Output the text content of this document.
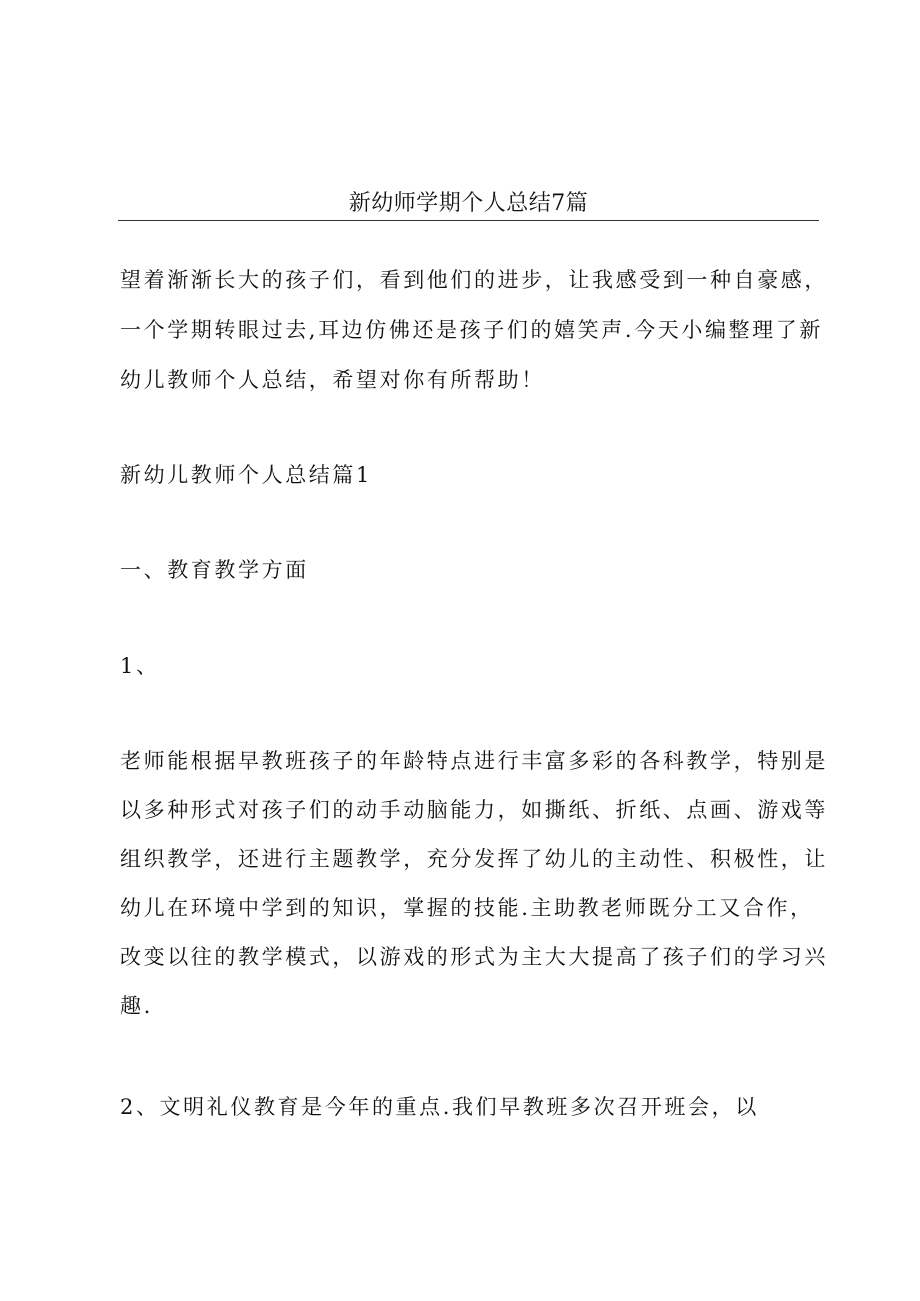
新幼师学期个人总结7篇
望着渐渐长大的孩子们，看到他们的进步，让我感受到一种自豪感，
一个学期转眼过去,耳边仿佛还是孩子们的嬉笑声.今天小编整理了新
幼儿教师个人总结，希望对你有所帮助！
新幼儿教师个人总结篇1
一、教育教学方面
1、
老师能根据早教班孩子的年龄特点进行丰富多彩的各科教学，特别是
以多种形式对孩子们的动手动脑能力，如撕纸、折纸、点画、游戏等
组织教学，还进行主题教学，充分发挥了幼儿的主动性、积极性，让
幼儿在环境中学到的知识，掌握的技能.主助教老师既分工又合作，
改变以往的教学模式，以游戏的形式为主大大提高了孩子们的学习兴
趣.
2、文明礼仪教育是今年的重点.我们早教班多次召开班会，以
